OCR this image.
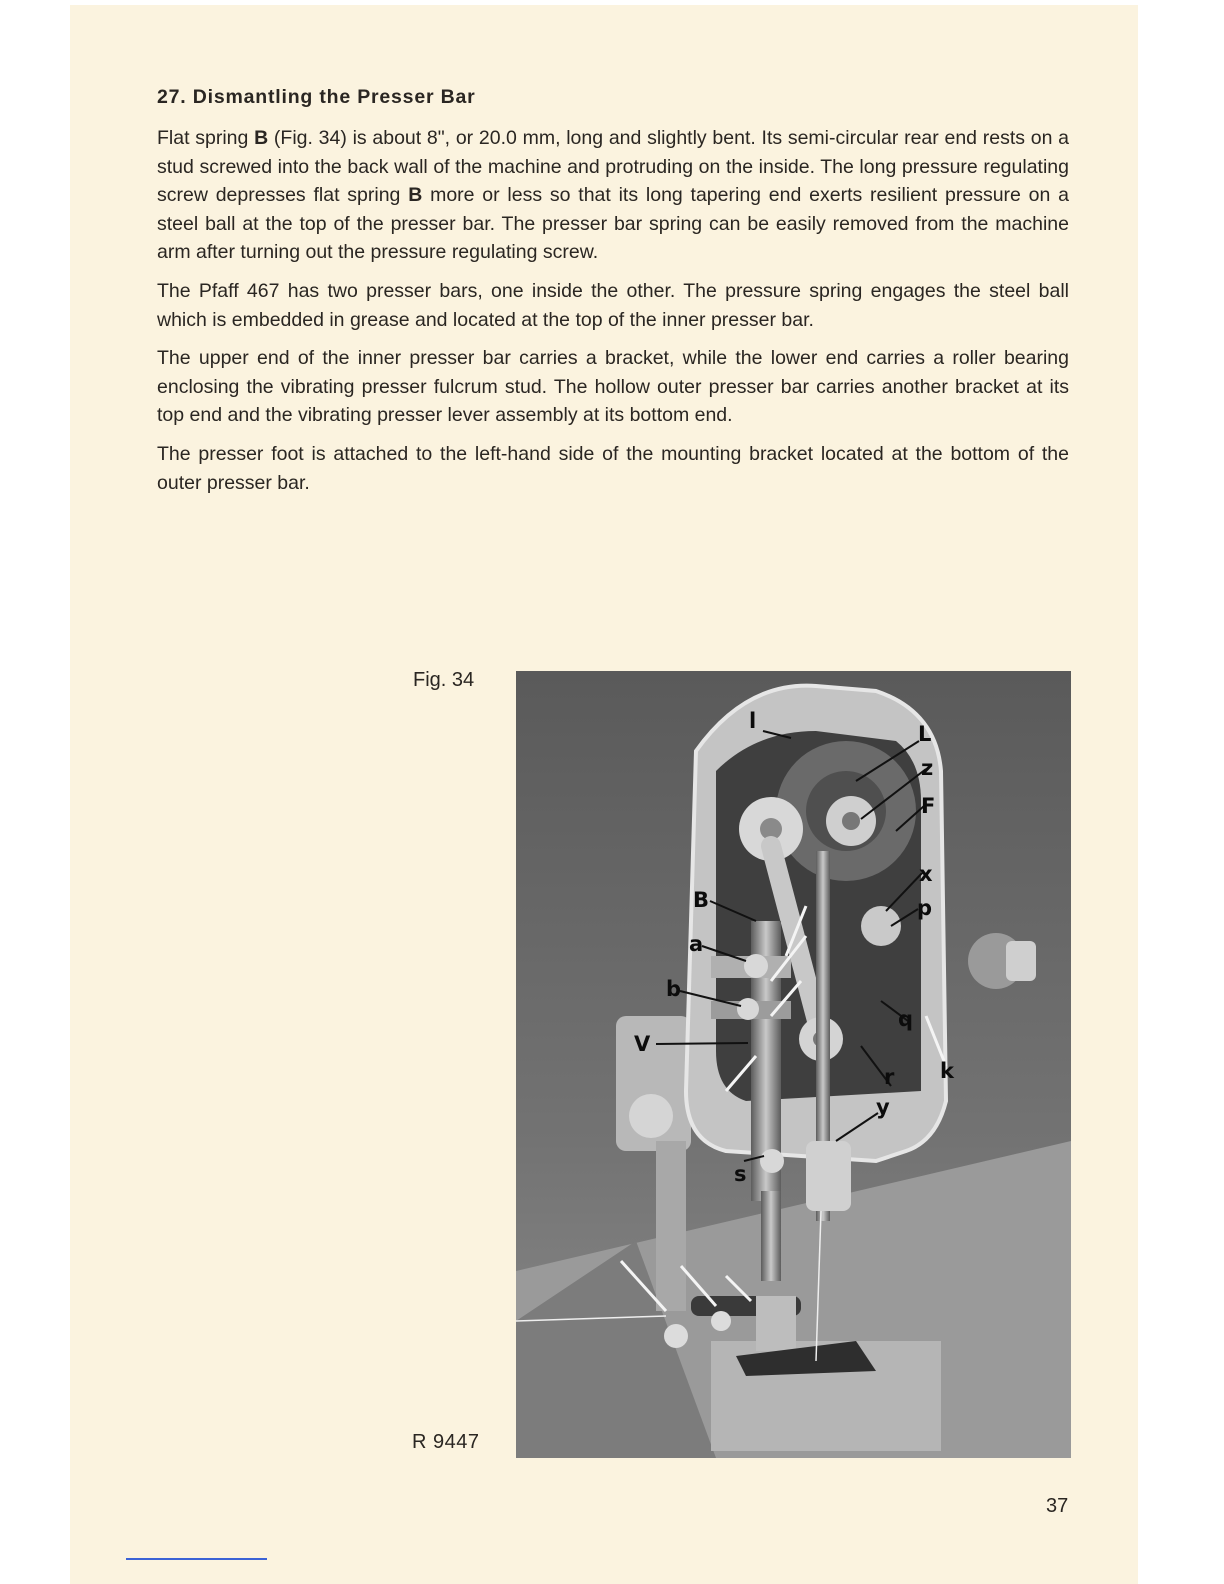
27. Dismantling the Presser Bar

Flat spring B (Fig. 34) is about 8", or 20.0 mm, long and slightly bent. Its semi-circular rear end rests on a stud screwed into the back wall of the machine and protruding on the inside. The long pressure regulating screw depresses flat spring B more or less so that its long tapering end exerts resilient pressure on a steel ball at the top of the presser bar. The presser bar spring can be easily removed from the machine arm after turning out the pressure regulating screw.

The Pfaff 467 has two presser bars, one inside the other. The pressure spring engages the steel ball which is embedded in grease and located at the top of the inner presser bar.

The upper end of the inner presser bar carries a bracket, while the lower end carries a roller bearing enclosing the vibrating presser fulcrum stud. The hollow outer presser bar carries another bracket at its top end and the vibrating presser lever assembly at its bottom end.

The presser foot is attached to the left-hand side of the mounting bracket located at the bottom of the outer presser bar.

Fig. 34
R 9447
l
L
z
F
x
p
B
a
b
V
q
k
r
y
s
37
